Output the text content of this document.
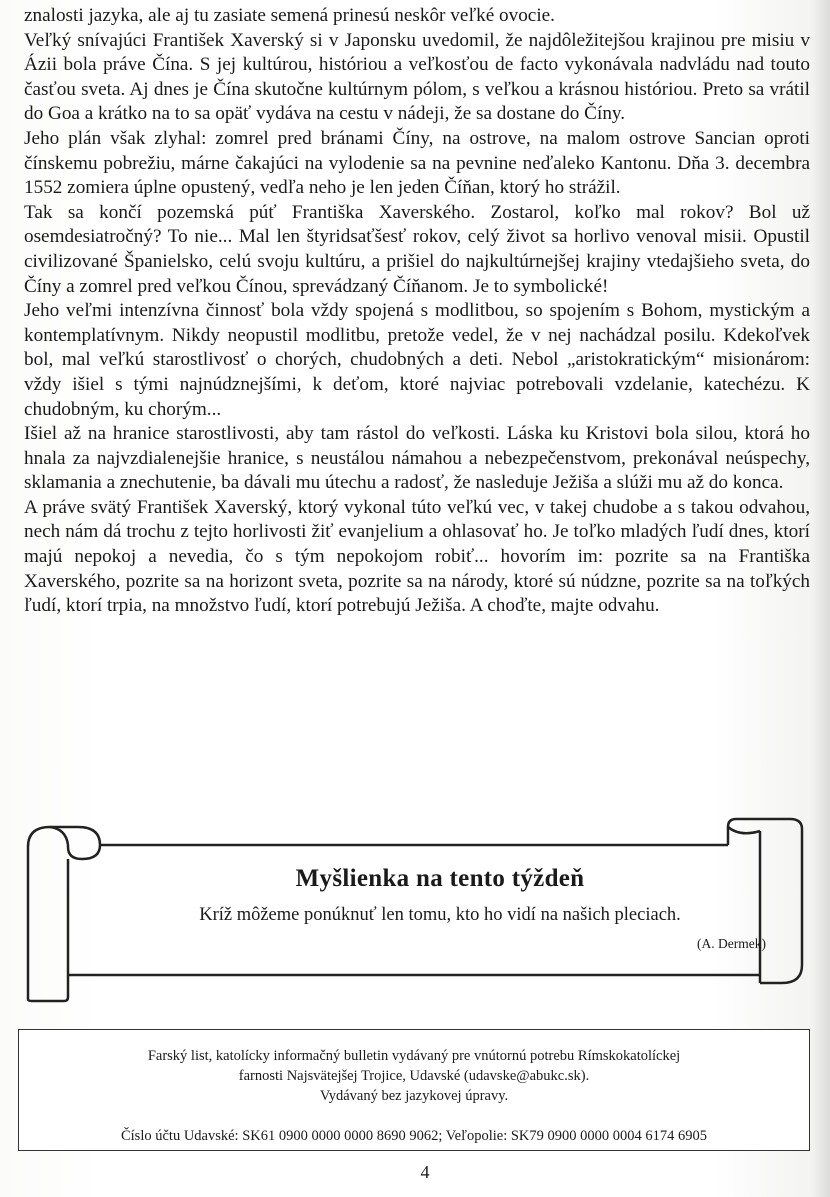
znalosti jazyka, ale aj tu zasiate semená prinesú neskôr veľké ovocie.

Veľký snívajúci František Xaverský si v Japonsku uvedomil, že najdôležitejšou krajinou pre misiu v Ázii bola práve Čína. S jej kultúrou, históriou a veľkosťou de facto vykonávala nadvládu nad touto časťou sveta. Aj dnes je Čína skutočne kultúrnym pólom, s veľkou a krásnou históriou. Preto sa vrátil do Goa a krátko na to sa opäť vydáva na cestu v nádeji, že sa dostane do Číny.

Jeho plán však zlyhal: zomrel pred bránami Číny, na ostrove, na malom ostrove Sancian oproti čínskemu pobrežiu, márne čakajúci na vylodenie sa na pevnine neďaleko Kantonu. Dňa 3. decembra 1552 zomiera úplne opustený, vedľa neho je len jeden Číňan, ktorý ho strážil.

Tak sa končí pozemská púť Františka Xaverského. Zostarol, koľko mal rokov? Bol už osemdesiatročný? To nie... Mal len štyridsaťšesť rokov, celý život sa horlivo venoval misii. Opustil civilizované Španielsko, celú svoju kultúru, a prišiel do najkultúrnejšej krajiny vtedajšieho sveta, do Číny a zomrel pred veľkou Čínou, sprevádzaný Číňanom. Je to symbolické!

Jeho veľmi intenzívna činnosť bola vždy spojená s modlitbou, so spojením s Bohom, mystickým a kontemplatívnym. Nikdy neopustil modlitbu, pretože vedel, že v nej nachádzal posilu. Kdekoľvek bol, mal veľkú starostlivosť o chorých, chudobných a deti. Nebol „aristokratickým“ misionárom: vždy išiel s tými najnúdznejšími, k deťom, ktoré najviac potrebovali vzdelanie, katechézu. K chudobným, ku chorým...

Išiel až na hranice starostlivosti, aby tam rástol do veľkosti. Láska ku Kristovi bola silou, ktorá ho hnala za najvzdialenejšie hranice, s neustálou námahou a nebezpečenstvom, prekonával neúspechy, sklamania a znechutenie, ba dávali mu útechu a radosť, že nasleduje Ježiša a slúži mu až do konca.

A práve svätý František Xaverský, ktorý vykonal túto veľkú vec, v takej chudobe a s takou odvahou, nech nám dá trochu z tejto horlivosti žiť evanjelium a ohlasovať ho. Je toľko mladých ľudí dnes, ktorí majú nepokoj a nevedia, čo s tým nepokojom robiť... hovorím im: pozrite sa na Františka Xaverského, pozrite sa na horizont sveta, pozrite sa na národy, ktoré sú núdzne, pozrite sa na toľkých ľudí, ktorí trpia, na množstvo ľudí, ktorí potrebujú Ježiša. A choďte, majte odvahu.

Myšlienka na tento týždeň
Kríž môžeme ponúknuť len tomu, kto ho vidí na našich pleciach.
(A. Dermek)
Farský list, katolícky informačný bulletin vydávaný pre vnútornú potrebu Rímskokatolíckej
farnosti Najsvätejšej Trojice, Udavské (udavske@abukc.sk).
Vydávaný bez jazykovej úpravy.
Číslo účtu Udavské: SK61 0900 0000 0000 8690 9062; Veľopolie: SK79 0900 0000 0004 6174 6905
4
